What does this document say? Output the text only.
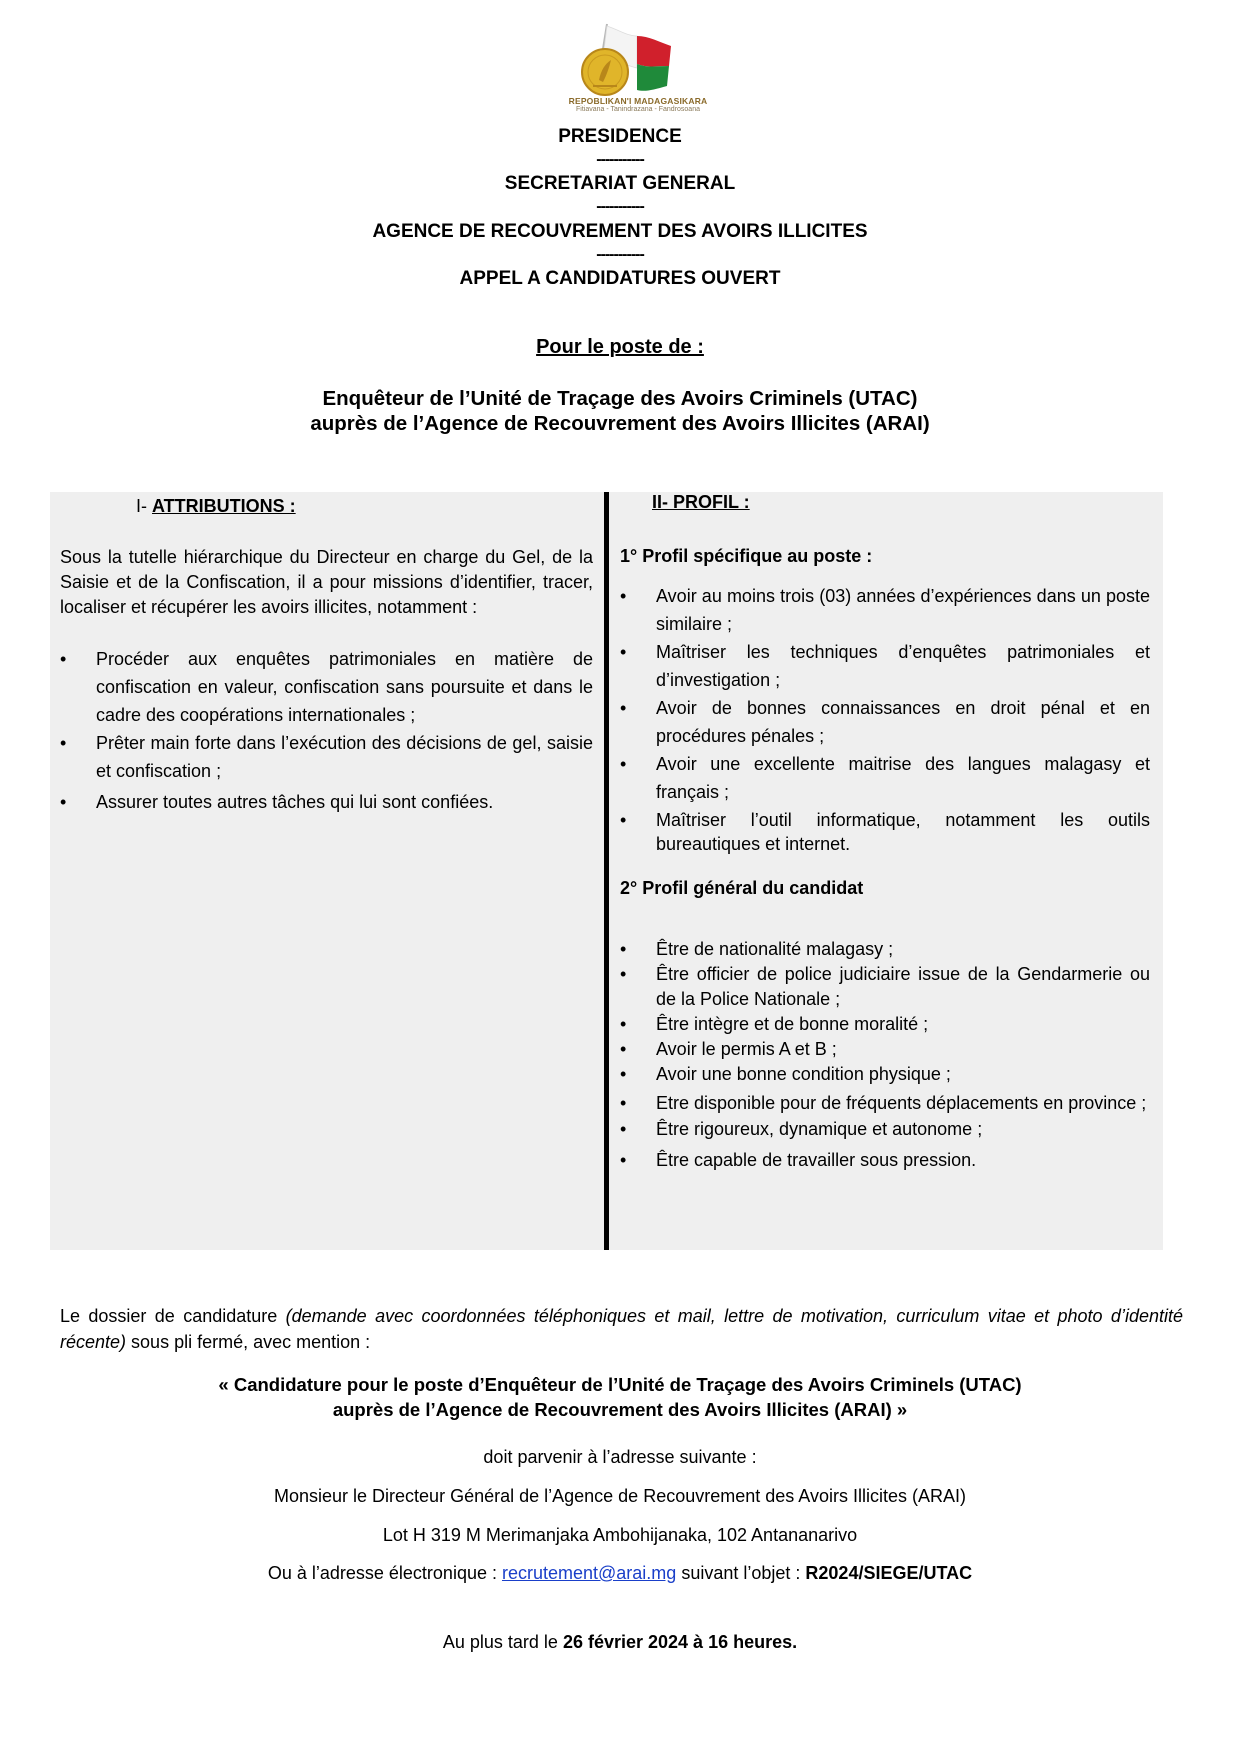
REPOBLIKAN'I MADAGASIKARA
Fitiavana - Tanindrazana - Fandrosoana
PRESIDENCE
-----------
SECRETARIAT GENERAL
-----------
AGENCE DE RECOUVREMENT DES AVOIRS ILLICITES
-----------
APPEL A CANDIDATURES OUVERT
Pour le poste de :
Enquêteur de l’Unité de Traçage des Avoirs Criminels (UTAC)
auprès de l’Agence de Recouvrement des Avoirs Illicites (ARAI)
I- ATTRIBUTIONS :
Sous la tutelle hiérarchique du Directeur en charge du Gel, de la Saisie et de la Confiscation, il a pour missions d’identifier, tracer, localiser et récupérer les avoirs illicites, notamment :
• Procéder aux enquêtes patrimoniales en matière de confiscation en valeur, confiscation sans poursuite et dans le cadre des coopérations internationales ;
• Prêter main forte dans l’exécution des décisions de gel, saisie et confiscation ;
• Assurer toutes autres tâches qui lui sont confiées.
II- PROFIL :
1° Profil spécifique au poste :
• Avoir au moins trois (03) années d’expériences dans un poste similaire ;
• Maîtriser les techniques d’enquêtes patrimoniales et d’investigation ;
• Avoir de bonnes connaissances en droit pénal et en procédures pénales ;
• Avoir une excellente maitrise des langues malagasy et français ;
• Maîtriser l’outil informatique, notamment les outils bureautiques et internet.
2° Profil général du candidat
• Être de nationalité malagasy ;
• Être officier de police judiciaire issue de la Gendarmerie ou de la Police Nationale ;
• Être intègre et de bonne moralité ;
• Avoir le permis A et B ;
• Avoir une bonne condition physique ;
• Etre disponible pour de fréquents déplacements en province ;
• Être rigoureux, dynamique et autonome ;
• Être capable de travailler sous pression.
Le dossier de candidature (demande avec coordonnées téléphoniques et mail, lettre de motivation, curriculum vitae et photo d’identité récente) sous pli fermé, avec mention :
« Candidature pour le poste d’Enquêteur de l’Unité de Traçage des Avoirs Criminels (UTAC)
auprès de l’Agence de Recouvrement des Avoirs Illicites (ARAI) »
doit parvenir à l’adresse suivante :
Monsieur le Directeur Général de l’Agence de Recouvrement des Avoirs Illicites (ARAI)
Lot H 319 M Merimanjaka Ambohijanaka, 102 Antananarivo
Ou à l’adresse électronique : recrutement@arai.mg suivant l’objet : R2024/SIEGE/UTAC
Au plus tard le 26 février 2024 à 16 heures.
